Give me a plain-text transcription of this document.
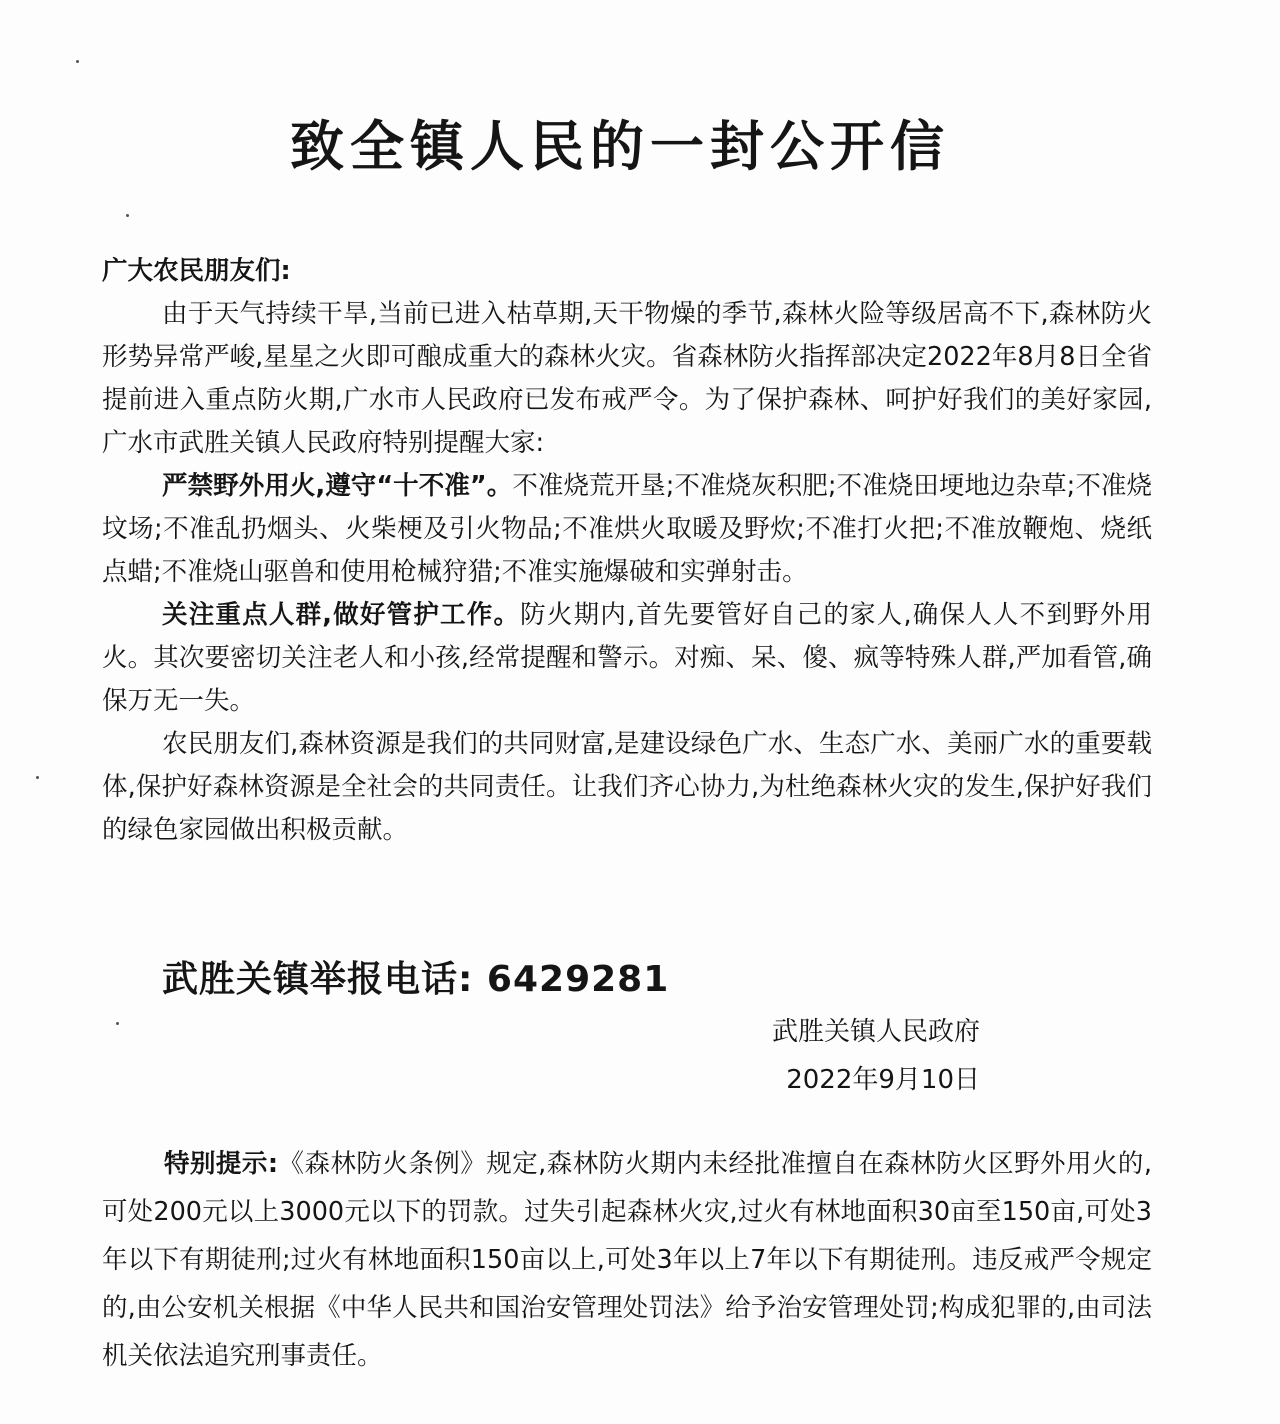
致全镇人民的一封公开信

广大农民朋友们:

由于天气持续干旱,当前已进入枯草期,天干物燥的季节,森林火险等级居高不下,森林防火形势异常严峻,星星之火即可酿成重大的森林火灾。省森林防火指挥部决定2022年8月8日全省提前进入重点防火期,广水市人民政府已发布戒严令。为了保护森林、呵护好我们的美好家园,广水市武胜关镇人民政府特别提醒大家:

严禁野外用火,遵守“十不准”。不准烧荒开垦;不准烧灰积肥;不准烧田埂地边杂草;不准烧坟场;不准乱扔烟头、火柴梗及引火物品;不准烘火取暖及野炊;不准打火把;不准放鞭炮、烧纸点蜡;不准烧山驱兽和使用枪械狩猎;不准实施爆破和实弹射击。

关注重点人群,做好管护工作。防火期内,首先要管好自己的家人,确保人人不到野外用火。其次要密切关注老人和小孩,经常提醒和警示。对痴、呆、傻、疯等特殊人群,严加看管,确保万无一失。

农民朋友们,森林资源是我们的共同财富,是建设绿色广水、生态广水、美丽广水的重要载体,保护好森林资源是全社会的共同责任。让我们齐心协力,为杜绝森林火灾的发生,保护好我们的绿色家园做出积极贡献。

武胜关镇举报电话: 6429281
武胜关镇人民政府
2022年9月10日

特别提示:《森林防火条例》规定,森林防火期内未经批准擅自在森林防火区野外用火的,可处200元以上3000元以下的罚款。过失引起森林火灾,过火有林地面积30亩至150亩,可处3年以下有期徒刑;过火有林地面积150亩以上,可处3年以上7年以下有期徒刑。违反戒严令规定的,由公安机关根据《中华人民共和国治安管理处罚法》给予治安管理处罚;构成犯罪的,由司法机关依法追究刑事责任。
